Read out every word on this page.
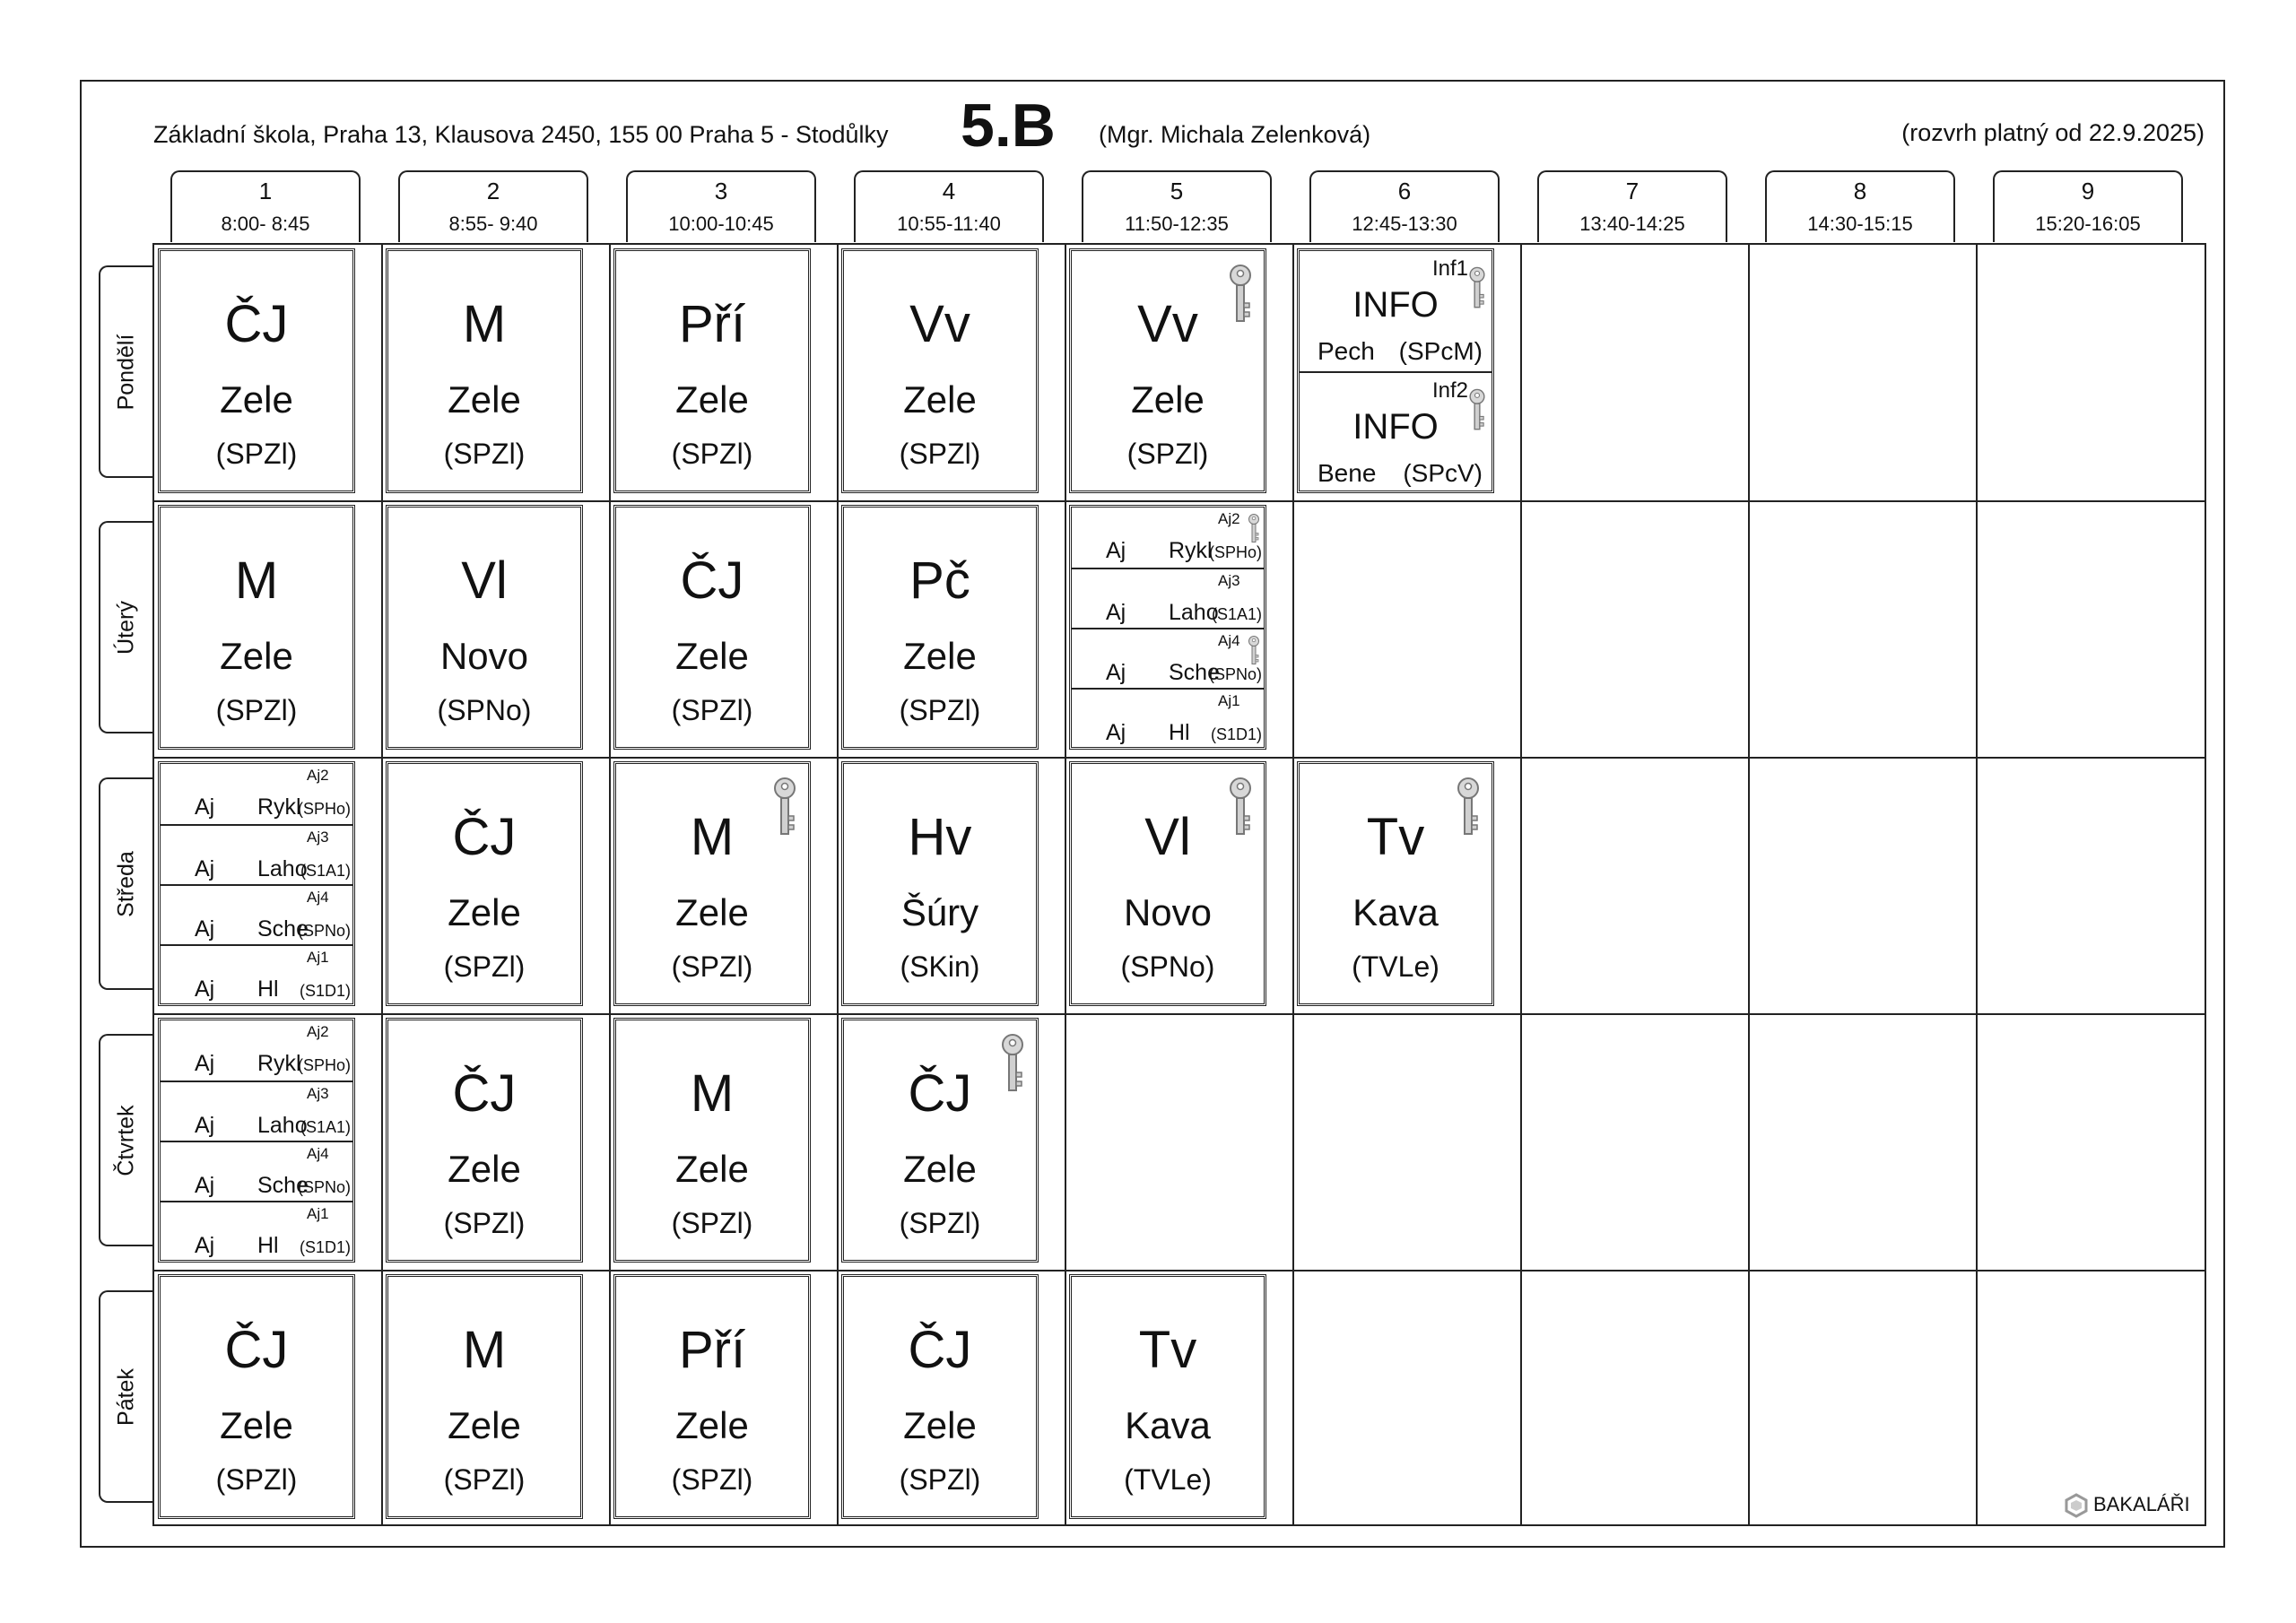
Základní škola, Praha 13, Klausova 2450, 155 00 Praha 5 - Stodůlky 5.B (Mgr. Michala Zelenková)	(rozvrh platný od 22.9.2025)
1
8:00- 8:45
2
8:55- 9:40
3
10:00-10:45
4
10:55-11:40
5
11:50-12:35
6
12:45-13:30
7
13:40-14:25
8
14:30-15:15
9
15:20-16:05
Pondělí
Úterý
Středa
Čtvrtek
Pátek
ČJ
Zele
(SPZl)
M
Zele
(SPZl)
Pří
Zele
(SPZl)
Vv
Zele
(SPZl)
Vv
Zele
(SPZl)
Inf1
INFO
Pech (SPcM)
Inf2
INFO
Bene (SPcV)
M
Zele
(SPZl)
Vl
Novo
(SPNo)
ČJ
Zele
(SPZl)
Pč
Zele
(SPZl)
Aj2
Aj Rykl
(SPHo)
Aj3
Aj Laho
(S1A1)
Aj4
Aj Sche
(SPNo)
Aj1
Aj Hl (S1D1)
Aj2
Aj Rykl
(SPHo)
Aj3
Aj Laho
(S1A1)
Aj4
Aj Sche
(SPNo)
Aj1
Aj Hl (S1D1)
ČJ
Zele
(SPZl)
M
Zele
(SPZl)
Hv
Šúry
(SKin)
Vl
Novo
(SPNo)
Tv
Kava
(TVLe)
Aj2
Aj Rykl
(SPHo)
Aj3
Aj Laho
(S1A1)
Aj4
Aj Sche
(SPNo)
Aj1
Aj Hl (S1D1)
ČJ
Zele
(SPZl)
M
Zele
(SPZl)
ČJ
Zele
(SPZl)
ČJ
Zele
(SPZl)
M
Zele
(SPZl)
Pří
Zele
(SPZl)
ČJ
Zele
(SPZl)
Tv
Kava
(TVLe)
BAKALÁŘI
